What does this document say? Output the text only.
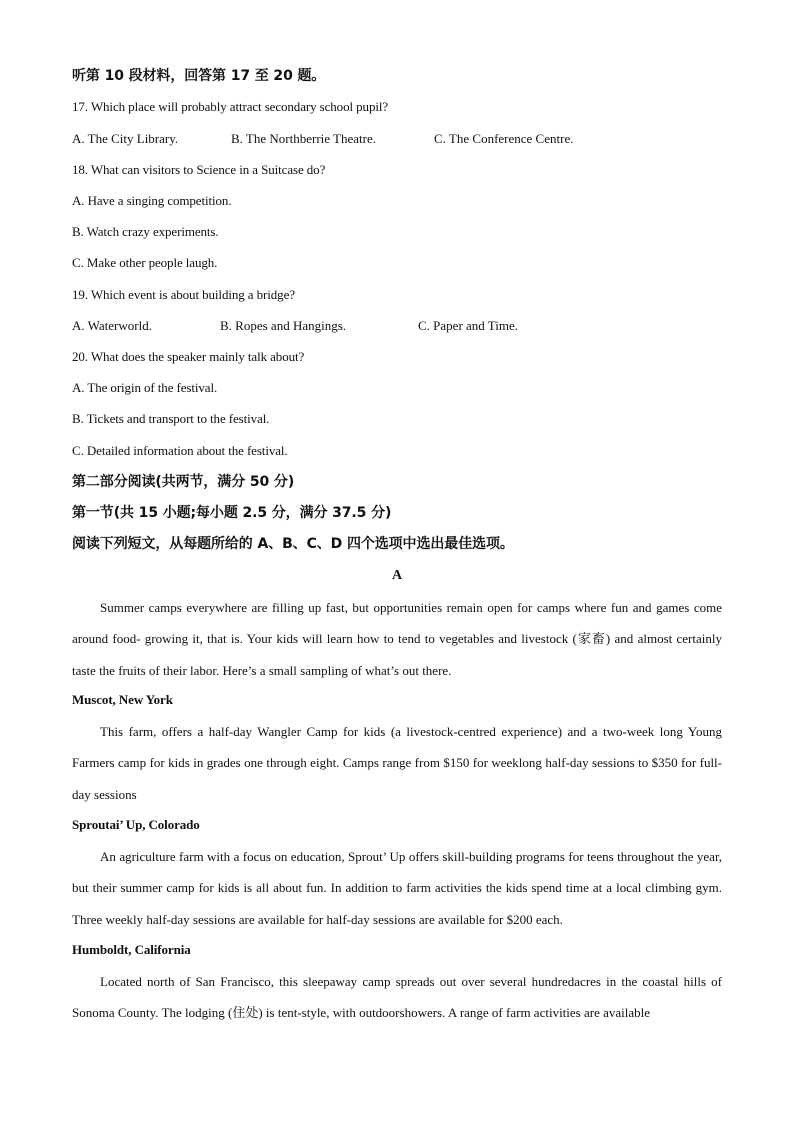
听第 10 段材料，回答第 17 至 20 题。
17. Which place will probably attract secondary school pupil?
A. The City Library.	B. The Northberrie Theatre.	C. The Conference Centre.
18. What can visitors to Science in a Suitcase do?
A. Have a singing competition.
B. Watch crazy experiments.
C. Make other people laugh.
19. Which event is about building a bridge?
A. Waterworld.	B. Ropes and Hangings.	C. Paper and Time.
20. What does the speaker mainly talk about?
A. The origin of the festival.
B. Tickets and transport to the festival.
C. Detailed information about the festival.
第二部分阅读(共两节，满分 50 分)
第一节(共 15 小题;每小题 2.5 分，满分 37.5 分)
阅读下列短文，从每题所给的 A、B、C、D 四个选项中选出最佳选项。
A
Summer camps everywhere are filling up fast, but opportunities remain open for camps where fun and games come around food- growing it, that is. Your kids will learn how to tend to vegetables and livestock (家畜) and almost certainly taste the fruits of their labor. Here’s a small sampling of what’s out there.
Muscot, New York
This farm, offers a half-day Wangler Camp for kids (a livestock-centred experience) and a two-week long Young Farmers camp for kids in grades one through eight. Camps range from $150 for weeklong half-day sessions to $350 for full-day sessions
Sproutai’ Up, Colorado
An agriculture farm with a focus on education, Sprout’ Up offers skill-building programs for teens throughout the year, but their summer camp for kids is all about fun. In addition to farm activities the kids spend time at a local climbing gym. Three weekly half-day sessions are available for half-day sessions are available for $200 each.
Humboldt, California
Located north of San Francisco, this sleepaway camp spreads out over several hundredacres in the coastal hills of Sonoma County. The lodging (住处) is tent-style, with outdoorshowers. A range of farm activities are available
